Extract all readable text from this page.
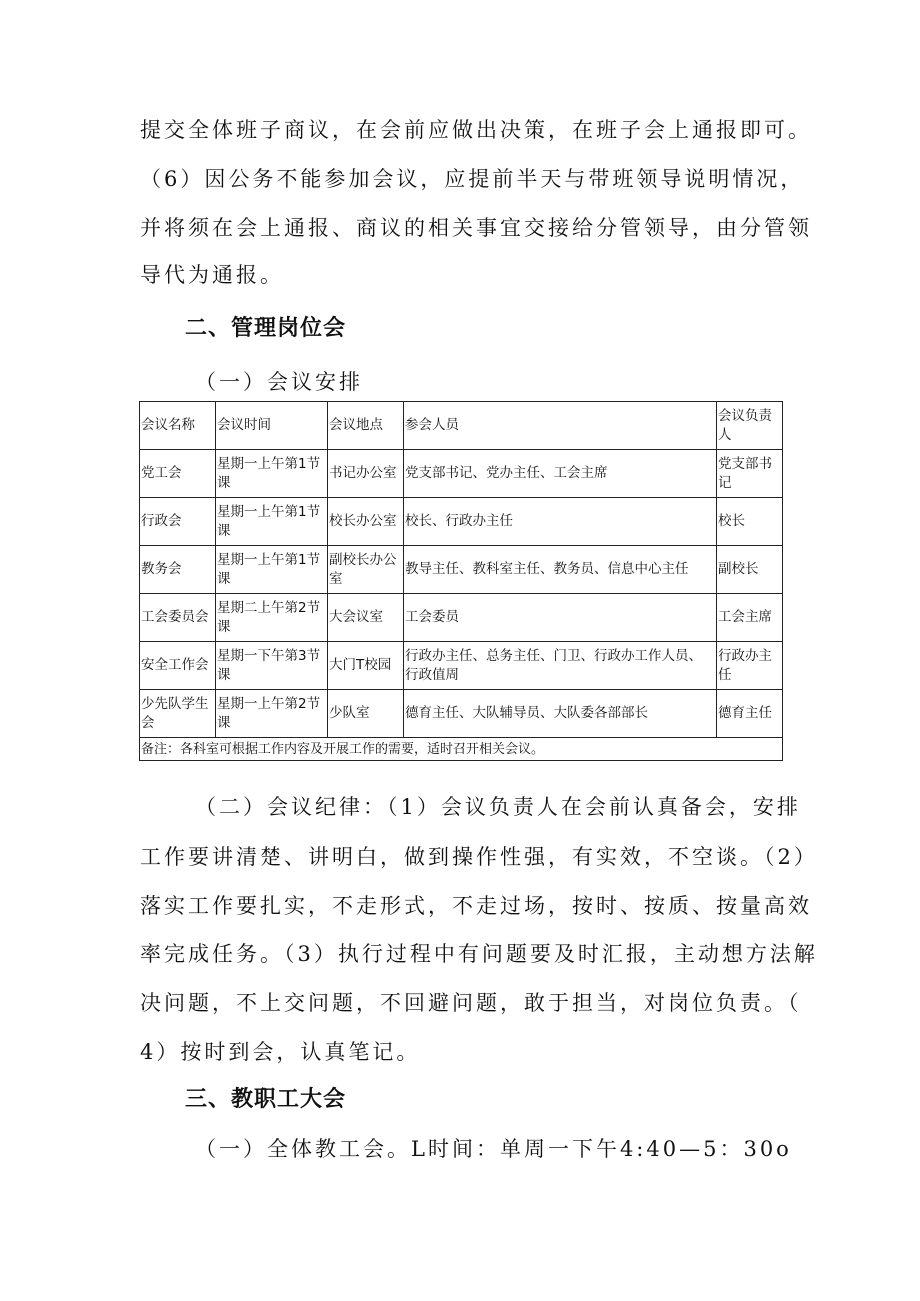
提交全体班子商议，在会前应做出决策，在班子会上通报即可。
（6）因公务不能参加会议，应提前半天与带班领导说明情况，
并将须在会上通报、商议的相关事宜交接给分管领导，由分管领
导代为通报。
二、管理岗位会
（一）会议安排
会议名称	会议时间	会议地点	参会人员	会议负责人

党工会	星期一上午第1节课	书记办公室	党支部书记、党办主任、工会主席	党支部书记

行政会	星期一上午第1节课	校长办公室	校长、行政办主任	校长

教务会	星期一上午第1节课	副校长办公室	教导主任、教科室主任、教务员、信息中心主任	副校长

工会委员会	星期二上午第2节课	大会议室	工会委员	工会主席

安全工作会	星期一下午第3节课	大门T校园	行政办主任、总务主任、门卫、行政办工作人员、行政值周	行政办主任

少先队学生会	星期一上午第2节课	少队室	德育主任、大队辅导员、大队委各部部长	德育主任

备注：各科室可根据工作内容及开展工作的需要，适时召开相关会议。				
（二）会议纪律：（1）会议负责人在会前认真备会，安排
工作要讲清楚、讲明白，做到操作性强，有实效，不空谈。（2）
落实工作要扎实，不走形式，不走过场，按时、按质、按量高效
率完成任务。（3）执行过程中有问题要及时汇报，主动想方法解
决问题，不上交问题，不回避问题，敢于担当，对岗位负责。（
4）按时到会，认真笔记。
三、教职工大会
（一）全体教工会。L时间：单周一下午4:40—5：30o
